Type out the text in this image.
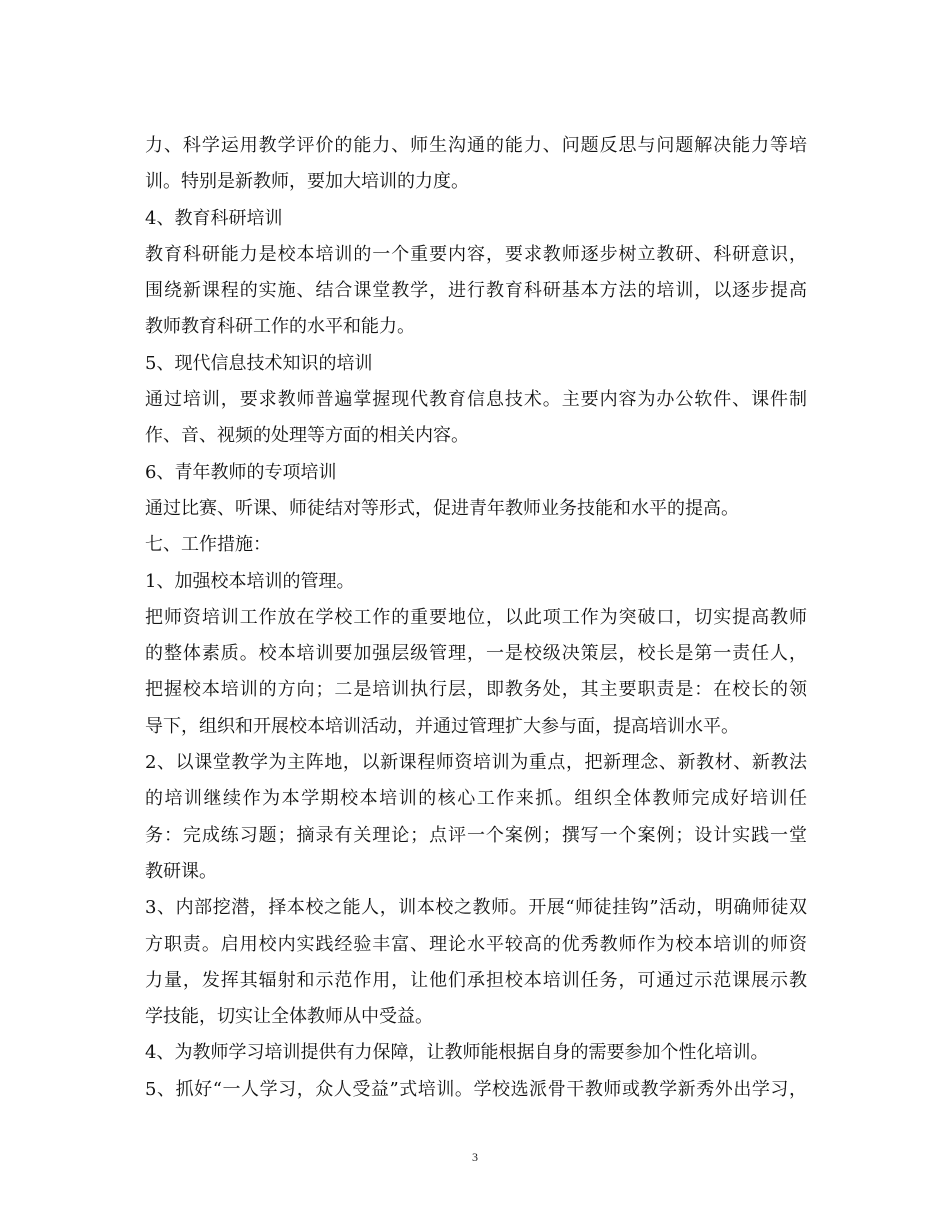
力、科学运用教学评价的能力、师生沟通的能力、问题反思与问题解决能力等培
训。特别是新教师，要加大培训的力度。
4、教育科研培训
教育科研能力是校本培训的一个重要内容，要求教师逐步树立教研、科研意识，
围绕新课程的实施、结合课堂教学，进行教育科研基本方法的培训，以逐步提高
教师教育科研工作的水平和能力。
5、现代信息技术知识的培训
通过培训，要求教师普遍掌握现代教育信息技术。主要内容为办公软件、课件制
作、音、视频的处理等方面的相关内容。
6、青年教师的专项培训
通过比赛、听课、师徒结对等形式，促进青年教师业务技能和水平的提高。
七、工作措施：
1、加强校本培训的管理。
把师资培训工作放在学校工作的重要地位，以此项工作为突破口，切实提高教师
的整体素质。校本培训要加强层级管理，一是校级决策层，校长是第一责任人，
把握校本培训的方向；二是培训执行层，即教务处，其主要职责是：在校长的领
导下，组织和开展校本培训活动，并通过管理扩大参与面，提高培训水平。
2、以课堂教学为主阵地，以新课程师资培训为重点，把新理念、新教材、新教法
的培训继续作为本学期校本培训的核心工作来抓。组织全体教师完成好培训任
务：完成练习题；摘录有关理论；点评一个案例；撰写一个案例；设计实践一堂
教研课。
3、内部挖潜，择本校之能人，训本校之教师。开展“师徒挂钩”活动，明确师徒双
方职责。启用校内实践经验丰富、理论水平较高的优秀教师作为校本培训的师资
力量，发挥其辐射和示范作用，让他们承担校本培训任务，可通过示范课展示教
学技能，切实让全体教师从中受益。
4、为教师学习培训提供有力保障，让教师能根据自身的需要参加个性化培训。
5、抓好“一人学习，众人受益”式培训。学校选派骨干教师或教学新秀外出学习，
3
